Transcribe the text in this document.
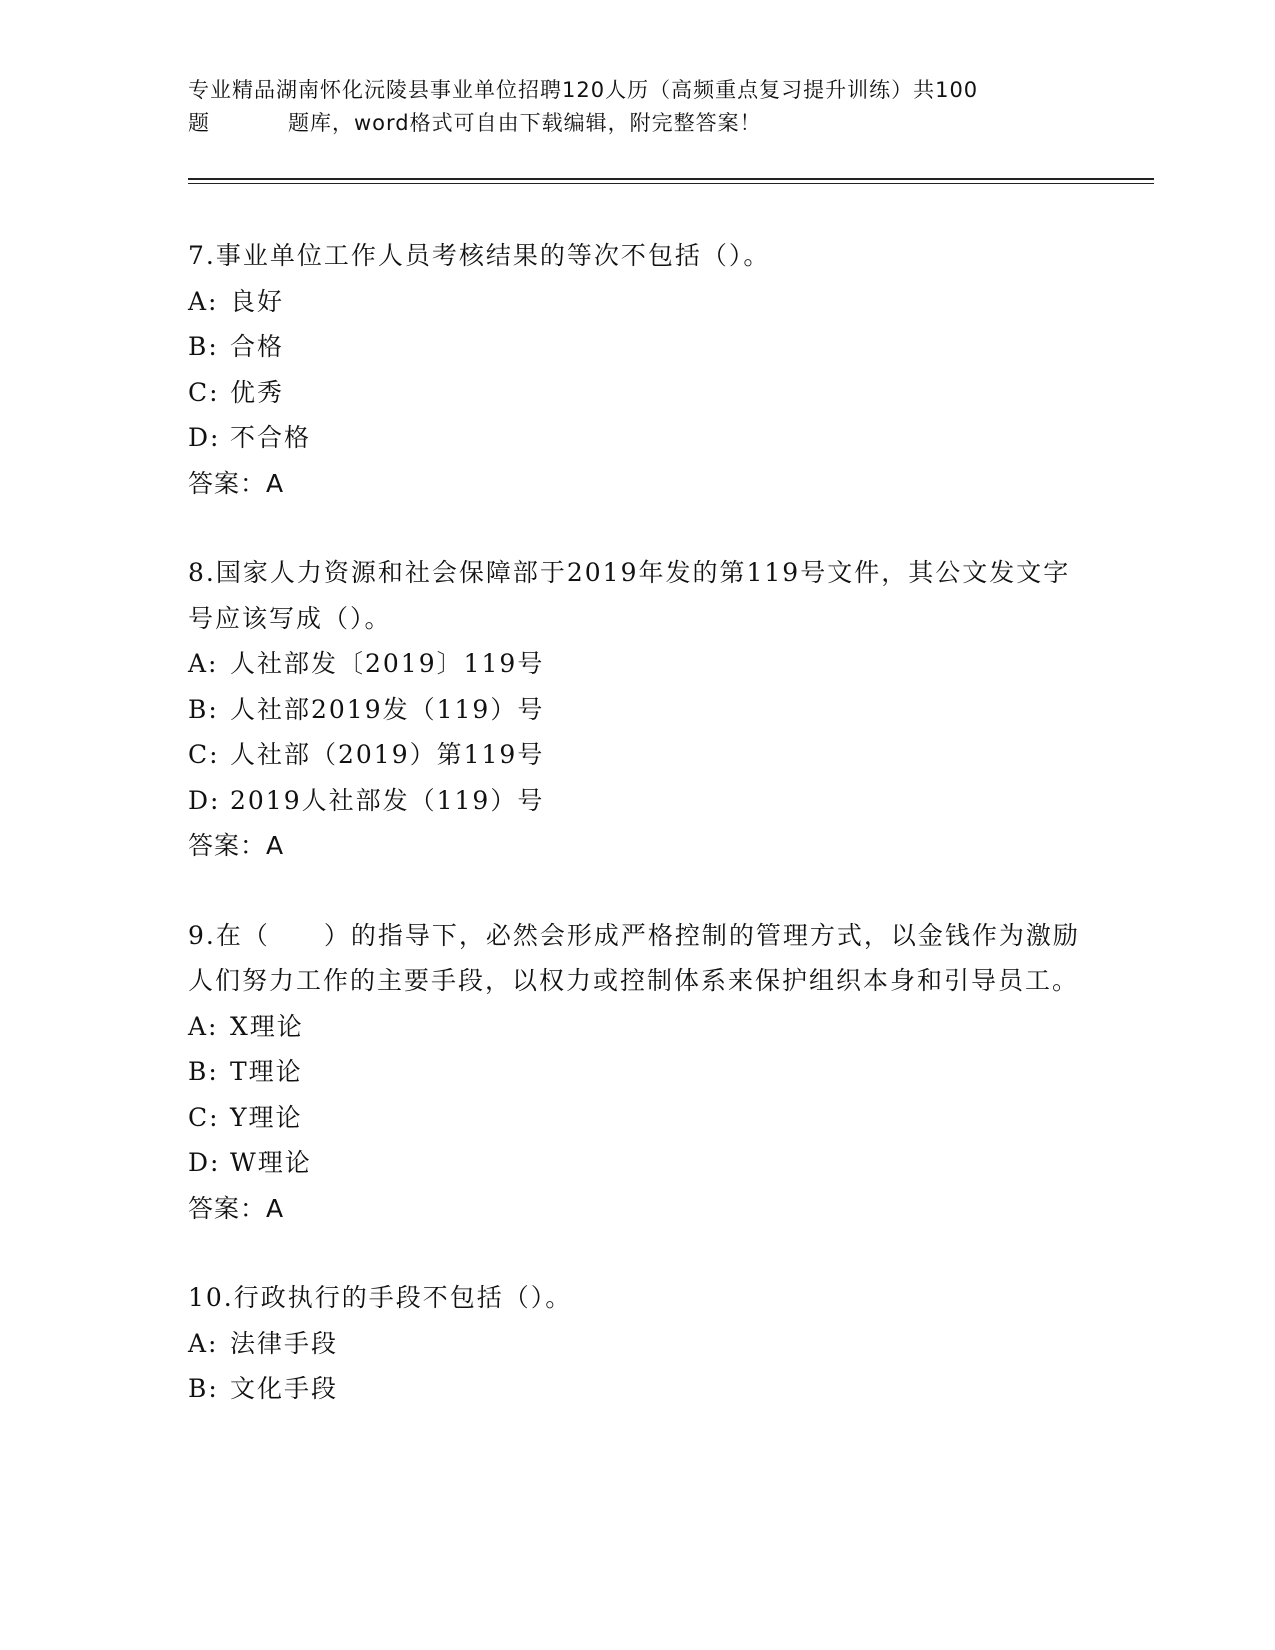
专业精品湖南怀化沅陵县事业单位招聘120人历（高频重点复习提升训练）共100
题	题库，word格式可自由下载编辑，附完整答案！

7.事业单位工作人员考核结果的等次不包括（）。

A: 良好

B: 合格

C: 优秀

D: 不合格

答案：A

8.国家人力资源和社会保障部于2019年发的第119号文件，其公文发文字号应该写成（）。

A: 人社部发〔2019〕119号

B: 人社部2019发（119）号

C: 人社部（2019）第119号

D: 2019人社部发（119）号

答案：A

9.在（　　）的指导下，必然会形成严格控制的管理方式，以金钱作为激励人们努力工作的主要手段，以权力或控制体系来保护组织本身和引导员工。

A: X理论

B: T理论

C: Y理论

D: W理论

答案：A

10.行政执行的手段不包括（）。

A: 法律手段

B: 文化手段
